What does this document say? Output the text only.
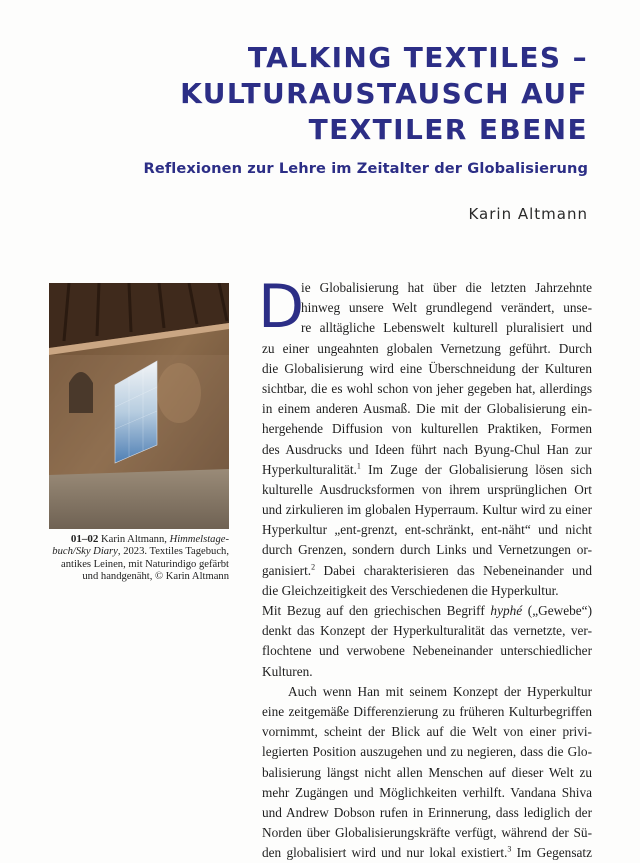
TALKING TEXTILES –
KULTURAUSTAUSCH AUF
TEXTILER EBENE
Reflexionen zur Lehre im Zeitalter der Globalisierung
Karin Altmann
01–02 Karin Altmann, Himmelstage-
buch/Sky Diary, 2023. Textiles Tagebuch,
antikes Leinen, mit Naturindigo gefärbt
und handgenäht, © Karin Altmann
D
ie Globalisierung hat über die letzten Jahrzehnte
hinweg unsere Welt grundlegend verändert, unse-
re alltägliche Lebenswelt kulturell pluralisiert und
zu einer ungeahnten globalen Vernetzung geführt. Durch
die Globalisierung wird eine Überschneidung der Kulturen
sichtbar, die es wohl schon von jeher gegeben hat, allerdings
in einem anderen Ausmaß. Die mit der Globalisierung ein-
hergehende Diffusion von kulturellen Praktiken, Formen
des Ausdrucks und Ideen führt nach Byung-Chul Han zur
Hyperkulturalität.$^1$ Im Zuge der Globalisierung lösen sich
kulturelle Ausdrucksformen von ihrem ursprünglichen Ort
und zirkulieren im globalen Hyperraum. Kultur wird zu einer
Hyperkultur „ent-grenzt, ent-schränkt, ent-näht“ und nicht
durch Grenzen, sondern durch Links und Vernetzungen or-
ganisiert.$^2$ Dabei charakterisieren das Nebeneinander und
die Gleichzeitigkeit des Verschiedenen die Hyperkultur.
Mit Bezug auf den griechischen Begriff hyphé („Gewebe“)
denkt das Konzept der Hyperkulturalität das vernetzte, ver-
flochtene und verwobene Nebeneinander unterschiedlicher
Kulturen.
Auch wenn Han mit seinem Konzept der Hyperkultur
eine zeitgemäße Differenzierung zu früheren Kulturbegriffen
vornimmt, scheint der Blick auf die Welt von einer privi-
legierten Position auszugehen und zu negieren, dass die Glo-
balisierung längst nicht allen Menschen auf dieser Welt zu
mehr Zugängen und Möglichkeiten verhilft. Vandana Shiva
und Andrew Dobson rufen in Erinnerung, dass lediglich der
Norden über Globalisierungskräfte verfügt, während der Sü-
den globalisiert wird und nur lokal existiert.$^3$ Im Gegensatz
